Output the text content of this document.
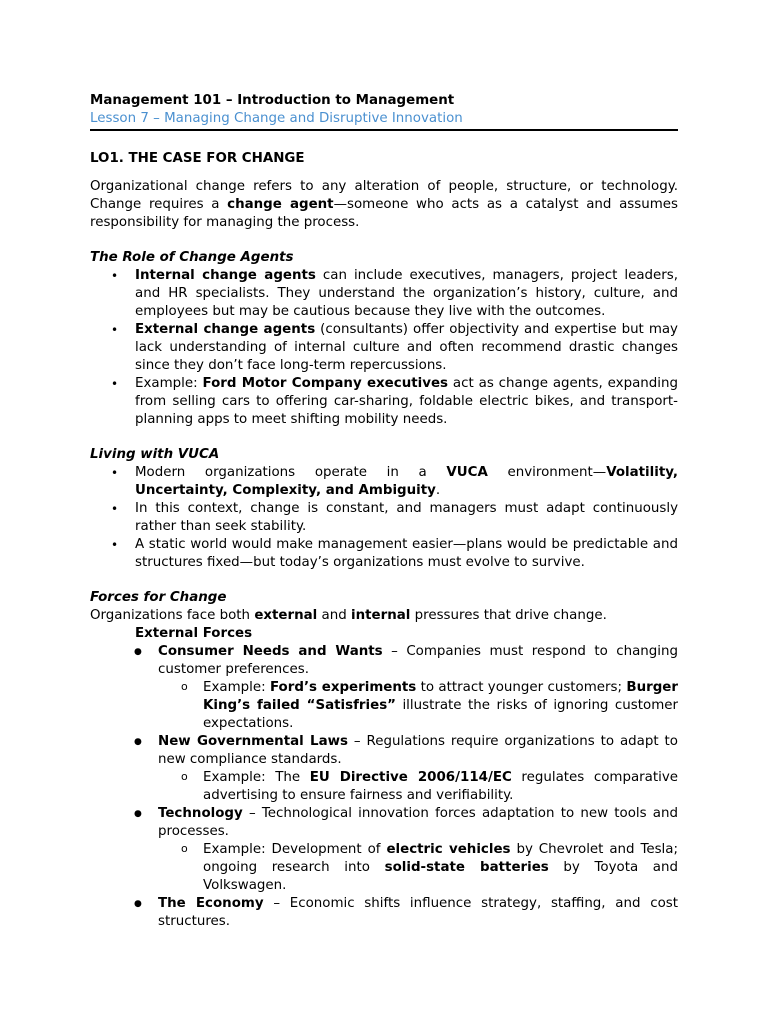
Management 101 – Introduction to Management
Lesson 7 – Managing Change and Disruptive Innovation
LO1. THE CASE FOR CHANGE

Organizational change refers to any alteration of people, structure, or technology. Change requires a change agent—someone who acts as a catalyst and assumes responsibility for managing the process.

The Role of Change Agents
• Internal change agents can include executives, managers, project leaders, and HR specialists. They understand the organization’s history, culture, and employees but may be cautious because they live with the outcomes.
• External change agents (consultants) offer objectivity and expertise but may lack understanding of internal culture and often recommend drastic changes since they don’t face long-term repercussions.
• Example: Ford Motor Company executives act as change agents, expanding from selling cars to offering car-sharing, foldable electric bikes, and transport-planning apps to meet shifting mobility needs.
Living with VUCA
• Modern organizations operate in a VUCA environment—Volatility, Uncertainty, Complexity, and Ambiguity.
• In this context, change is constant, and managers must adapt continuously rather than seek stability.
• A static world would make management easier—plans would be predictable and structures fixed—but today’s organizations must evolve to survive.
Forces for Change

Organizations face both external and internal pressures that drive change.

External Forces
● Consumer Needs and Wants – Companies must respond to changing customer preferences.
o Example: Ford’s experiments to attract younger customers; Burger King’s failed “Satisfries” illustrate the risks of ignoring customer expectations.
● New Governmental Laws – Regulations require organizations to adapt to new compliance standards.
o Example: The EU Directive 2006/114/EC regulates comparative advertising to ensure fairness and verifiability.
● Technology – Technological innovation forces adaptation to new tools and processes.
o Example: Development of electric vehicles by Chevrolet and Tesla; ongoing research into solid-state batteries by Toyota and Volkswagen.
● The Economy – Economic shifts influence strategy, staffing, and cost structures.
